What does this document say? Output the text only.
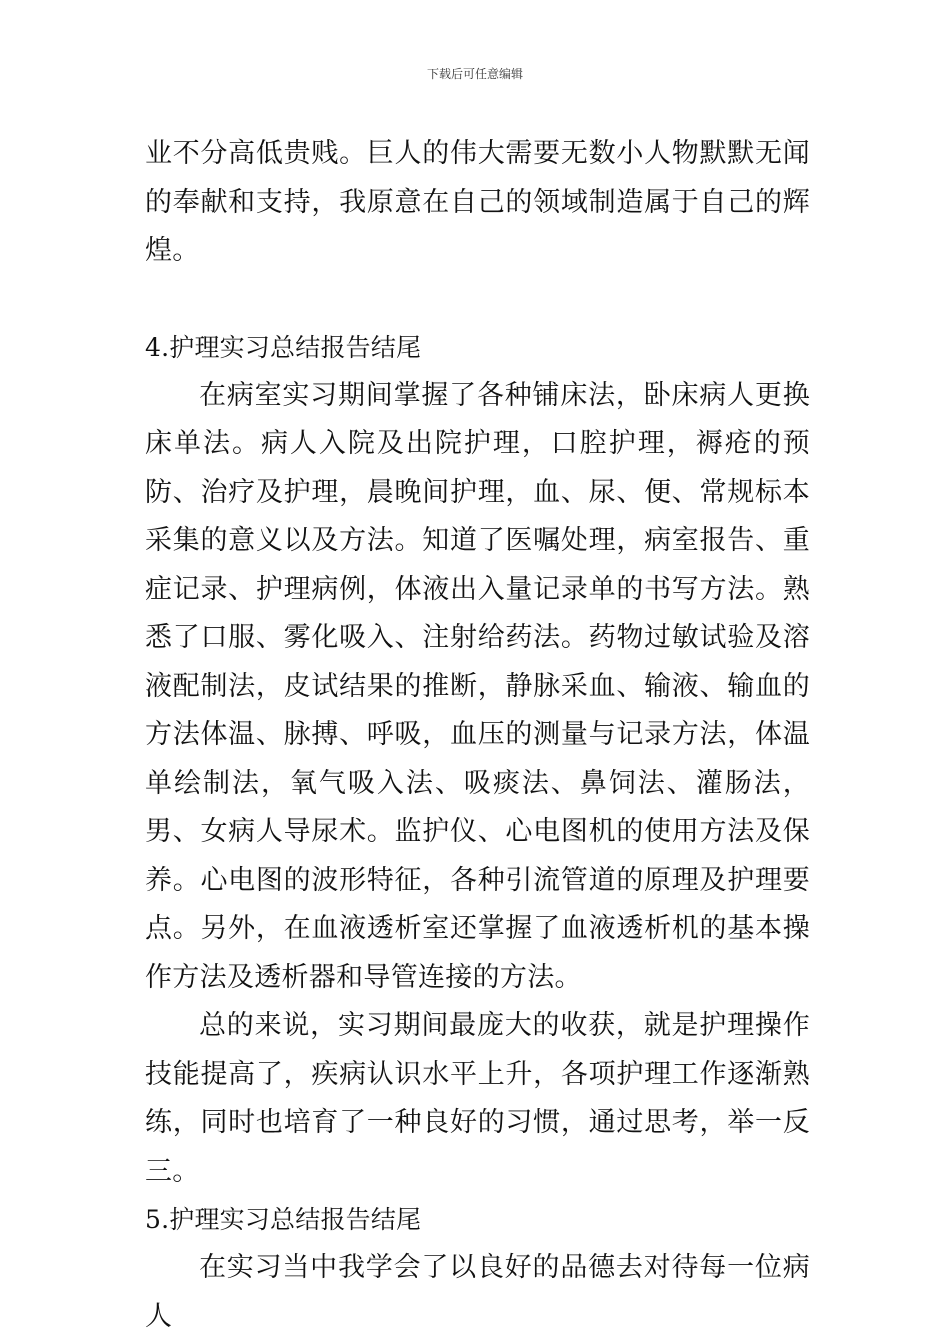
下载后可任意编辑

业不分高低贵贱。巨人的伟大需要无数小人物默默无闻的奉献和支持，我原意在自己的领域制造属于自己的辉煌。

4.护理实习总结报告结尾

在病室实习期间掌握了各种铺床法，卧床病人更换床单法。病人入院及出院护理，口腔护理，褥疮的预防、治疗及护理，晨晚间护理，血、尿、便、常规标本采集的意义以及方法。知道了医嘱处理，病室报告、重症记录、护理病例，体液出入量记录单的书写方法。熟悉了口服、雾化吸入、注射给药法。药物过敏试验及溶液配制法，皮试结果的推断，静脉采血、输液、输血的方法体温、脉搏、呼吸，血压的测量与记录方法，体温单绘制法，氧气吸入法、吸痰法、鼻饲法、灌肠法，男、女病人导尿术。监护仪、心电图机的使用方法及保养。心电图的波形特征，各种引流管道的原理及护理要点。另外，在血液透析室还掌握了血液透析机的基本操作方法及透析器和导管连接的方法。

总的来说，实习期间最庞大的收获，就是护理操作技能提高了，疾病认识水平上升，各项护理工作逐渐熟练，同时也培育了一种良好的习惯，通过思考，举一反三。

5.护理实习总结报告结尾

在实习当中我学会了以良好的品德去对待每一位病人
